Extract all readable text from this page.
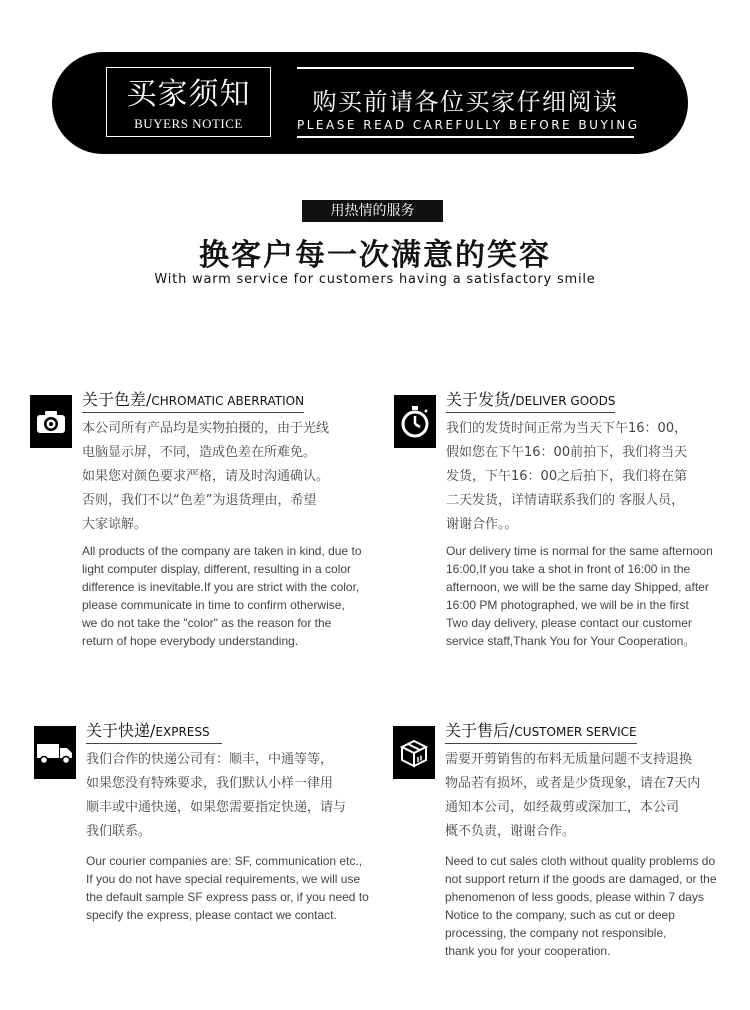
买家须知
BUYERS NOTICE
购买前请各位买家仔细阅读
PLEASE READ CAREFULLY BEFORE BUYING
用热情的服务
换客户每一次满意的笑容
With warm service for customers having a satisfactory smile
关于色差/CHROMATIC ABERRATION
本公司所有产品均是实物拍摄的，由于光线
电脑显示屏，不同，造成色差在所难免。
如果您对颜色要求严格，请及时沟通确认。
否则，我们不以“色差”为退货理由，希望
大家谅解。
All products of the company are taken in kind, due to
light computer display, different, resulting in a color
difference is inevitable.If you are strict with the color,
please communicate in time to confirm otherwise,
we do not take the "color" as the reason for the
return of hope everybody understanding.
关于发货/DELIVER GOODS
我们的发货时间正常为当天下午16：00，
假如您在下午16：00前拍下，我们将当天
发货，下午16：00之后拍下，我们将在第
二天发货，详情请联系我们的 客服人员，
谢谢合作。。
Our delivery time is normal for the same afternoon
16:00,If you take a shot in front of 16:00 in the
afternoon, we will be the same day Shipped, after
16:00 PM photographed, we will be in the first
Two day delivery, please contact our customer
service staff,Thank You for Your Cooperation。
关于快递/EXPRESS
我们合作的快递公司有：顺丰，中通等等，
如果您没有特殊要求，我们默认小样一律用
顺丰或中通快递，如果您需要指定快递，请与
我们联系。
Our courier companies are: SF, communication etc.,
If you do not have special requirements, we will use
the default sample SF express pass or, if you need to
specify the express, please contact we contact.
关于售后/CUSTOMER SERVICE
需要开剪销售的布料无质量问题不支持退换
物品若有损坏，或者是少货现象，请在7天内
通知本公司，如经裁剪或深加工，本公司
概不负责，谢谢合作。
Need to cut sales cloth without quality problems do
not support return if the goods are damaged, or the
phenomenon of less goods, please within 7 days
Notice to the company, such as cut or deep
processing, the company not responsible,
thank you for your cooperation.
